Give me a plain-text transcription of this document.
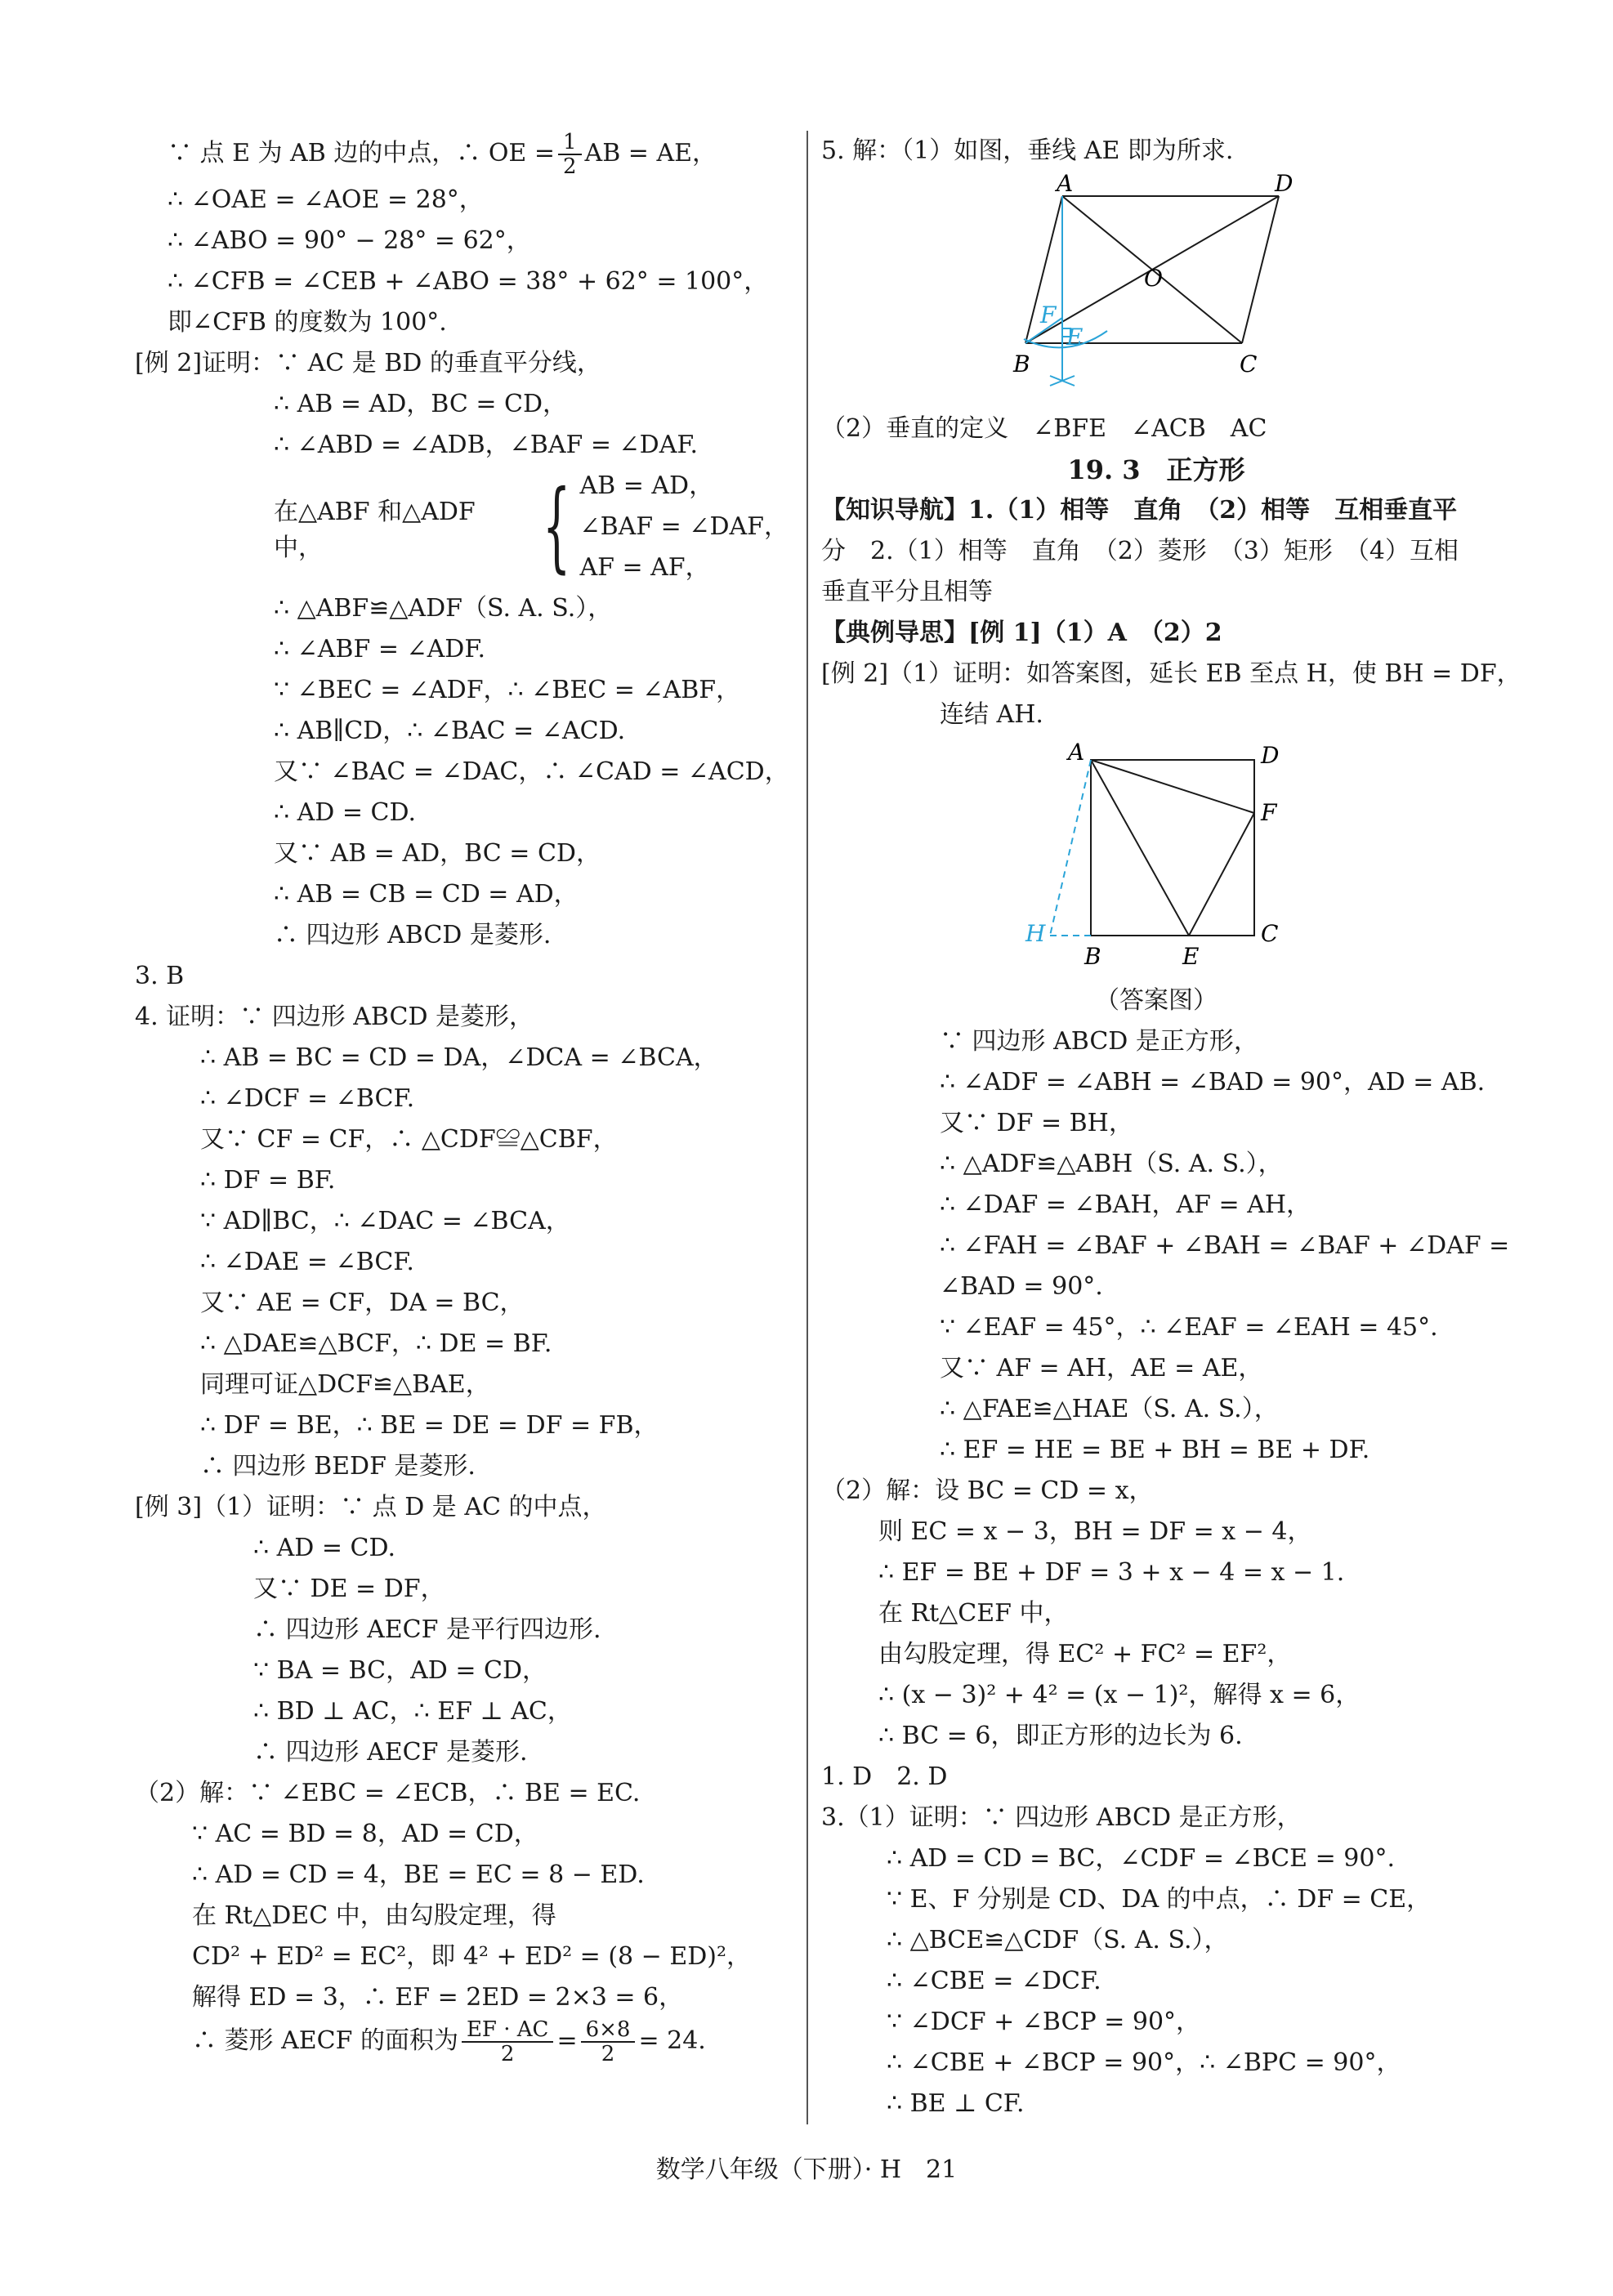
∵ 点 E 为 AB 边的中点，∴ OE = $\frac{1}{2}$ AB = AE，
∴ ∠OAE = ∠AOE = 28°，
∴ ∠ABO = 90° − 28° = 62°，
∴ ∠CFB = ∠CEB + ∠ABO = 38° + 62° = 100°，
即∠CFB 的度数为 100°.
[例 2]证明：∵ AC 是 BD 的垂直平分线，
∴ AB = AD，BC = CD，
∴ ∠ABD = ∠ADB，∠BAF = ∠DAF.
在△ABF 和△ADF 中，	{ AB = AD，
∠BAF = ∠DAF，
AF = AF，
∴ △ABF≌△ADF（S. A. S.），
∴ ∠ABF = ∠ADF.
∵ ∠BEC = ∠ADF，∴ ∠BEC = ∠ABF，
∴ AB∥CD，∴ ∠BAC = ∠ACD.
又∵ ∠BAC = ∠DAC，∴ ∠CAD = ∠ACD，
∴ AD = CD.
又∵ AB = AD，BC = CD，
∴ AB = CB = CD = AD，
∴ 四边形 ABCD 是菱形.
3. B
4. 证明：∵ 四边形 ABCD 是菱形，
∴ AB = BC = CD = DA，∠DCA = ∠BCA，
∴ ∠DCF = ∠BCF.
又∵ CF = CF，∴ △CDF≌△CBF，
∴ DF = BF.
∵ AD∥BC，∴ ∠DAC = ∠BCA，
∴ ∠DAE = ∠BCF.
又∵ AE = CF，DA = BC，
∴ △DAE≌△BCF，∴ DE = BF.
同理可证△DCF≌△BAE，
∴ DF = BE，∴ BE = DE = DF = FB，
∴ 四边形 BEDF 是菱形.
[例 3]（1）证明：∵ 点 D 是 AC 的中点，
∴ AD = CD.
又∵ DE = DF，
∴ 四边形 AECF 是平行四边形.
∵ BA = BC，AD = CD，
∴ BD ⊥ AC，∴ EF ⊥ AC，
∴ 四边形 AECF 是菱形.
（2）解：∵ ∠EBC = ∠ECB，∴ BE = EC.
∵ AC = BD = 8，AD = CD，
∴ AD = CD = 4，BE = EC = 8 − ED.
在 Rt△DEC 中，由勾股定理，得
CD² + ED² = EC²，即 4² + ED² = (8 − ED)²，
解得 ED = 3，∴ EF = 2ED = 2×3 = 6，
∴ 菱形 AECF 的面积为 $\frac{EF \cdot AC}{2} = \frac{6\times 8}{2} = 24$.
5. 解：（1）如图，垂线 AE 即为所求.
A	D
O
F
E
B	C
（2）垂直的定义　∠BFE　∠ACB　AC
19. 3　正方形
【知识导航】1.（1）相等　直角　（2）相等　互相垂直平
分　2.（1）相等　直角　（2）菱形　（3）矩形　（4）互相
垂直平分且相等
【典例导思】[例 1]（1）A　（2）2
[例 2]（1）证明：如答案图，延长 EB 至点 H，使 BH = DF，
连结 AH.
A	D
F
H
B	E
C
（答案图）
∵ 四边形 ABCD 是正方形，
∴ ∠ADF = ∠ABH = ∠BAD = 90°，AD = AB.
又∵ DF = BH，
∴ △ADF≌△ABH（S. A. S.），
∴ ∠DAF = ∠BAH，AF = AH，
∴ ∠FAH = ∠BAF + ∠BAH = ∠BAF + ∠DAF =
∠BAD = 90°.
∵ ∠EAF = 45°，∴ ∠EAF = ∠EAH = 45°.
又∵ AF = AH，AE = AE，
∴ △FAE≌△HAE（S. A. S.），
∴ EF = HE = BE + BH = BE + DF.
（2）解：设 BC = CD = x，
则 EC = x − 3，BH = DF = x − 4，
∴ EF = BE + DF = 3 + x − 4 = x − 1.
在 Rt△CEF 中，
由勾股定理，得 EC² + FC² = EF²，
∴ (x − 3)² + 4² = (x − 1)²，解得 x = 6，
∴ BC = 6，即正方形的边长为 6.
1. D　2. D
3.（1）证明：∵ 四边形 ABCD 是正方形，
∴ AD = CD = BC，∠CDF = ∠BCE = 90°.
∵ E、F 分别是 CD、DA 的中点，∴ DF = CE，
∴ △BCE≌△CDF（S. A. S.），
∴ ∠CBE = ∠DCF.
∵ ∠DCF + ∠BCP = 90°，
∴ ∠CBE + ∠BCP = 90°，∴ ∠BPC = 90°，
∴ BE ⊥ CF.
数学八年级（下册）· H　21
